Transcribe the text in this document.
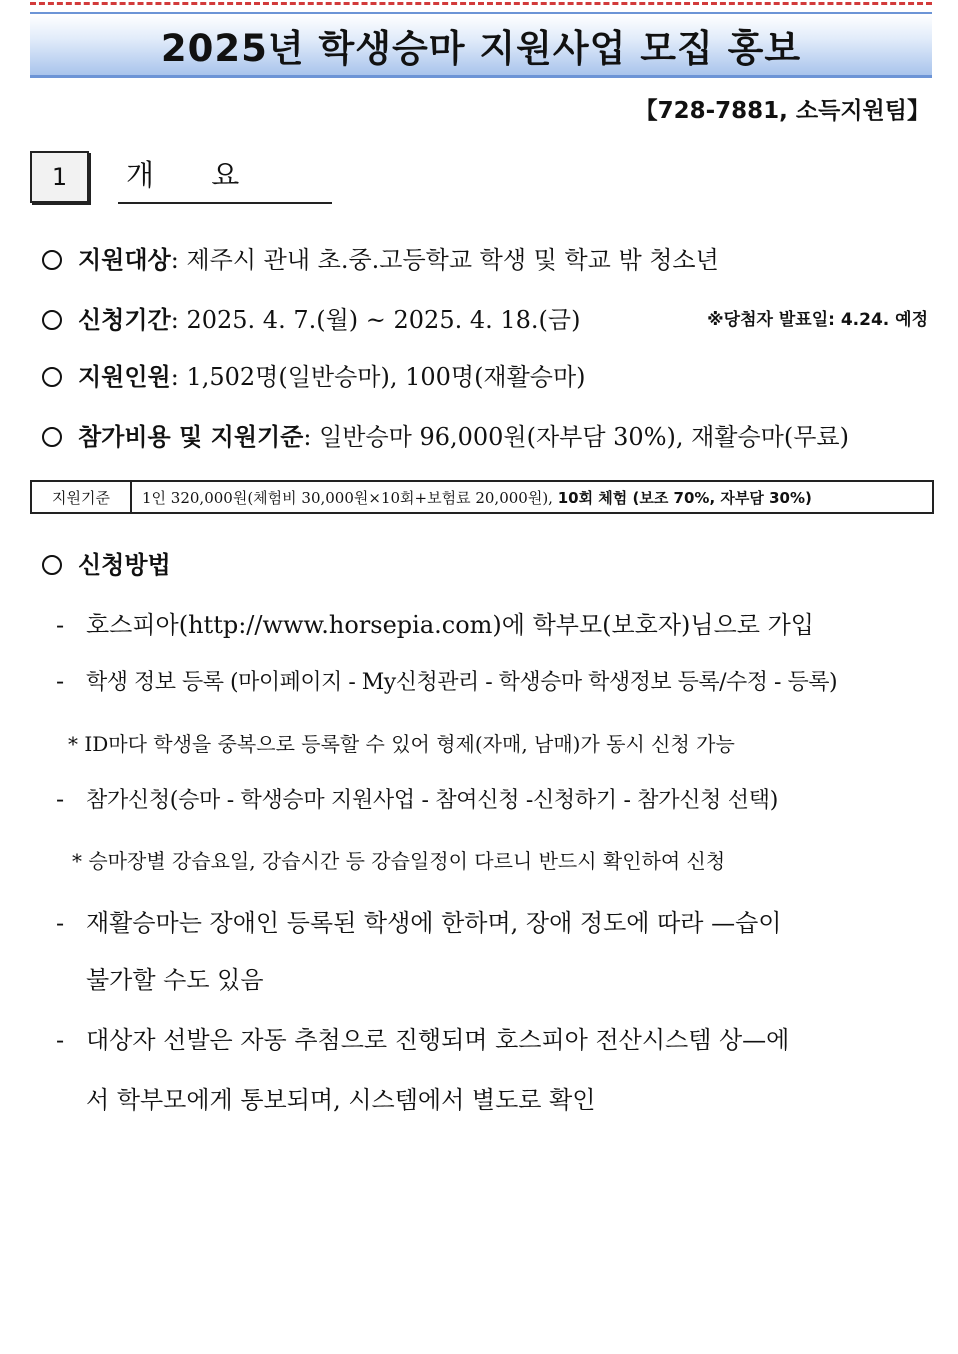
2025년 학생승마 지원사업 모집 홍보
【728-7881, 소득지원팀】
1	개 요
지원대상: 제주시 관내 초.중.고등학교 학생 및 학교 밖 청소년
신청기간: 2025. 4. 7.(월) ~ 2025. 4. 18.(금)	※당첨자 발표일: 4.24. 예정
지원인원: 1,502명(일반승마), 100명(재활승마)
참가비용 및 지원기준: 일반승마 96,000원(자부담 30%), 재활승마(무료)
지원기준	1인 320,000원(체험비 30,000원×10회+보험료 20,000원), 10회 체험 (보조 70%, 자부담 30%)
신청방법
- 호스피아(http://www.horsepia.com)에 학부모(보호자)님으로 가입
- 학생 정보 등록 (마이페이지 - My신청관리 - 학생승마 학생정보 등록/수정 - 등록)
* ID마다 학생을 중복으로 등록할 수 있어 형제(자매, 남매)가 동시 신청 가능
- 참가신청(승마 - 학생승마 지원사업 - 참여신청 -신청하기 - 참가신청 선택)
* 승마장별 강습요일, 강습시간 등 강습일정이 다르니 반드시 확인하여 신청
- 재활승마는 장애인 등록된 학생에 한하며, 장애 정도에 따라 —습이
불가할 수도 있음
- 대상자 선발은 자동 추첨으로 진행되며 호스피아 전산시스템 상—에
서 학부모에게 통보되며, 시스템에서 별도로 확인
